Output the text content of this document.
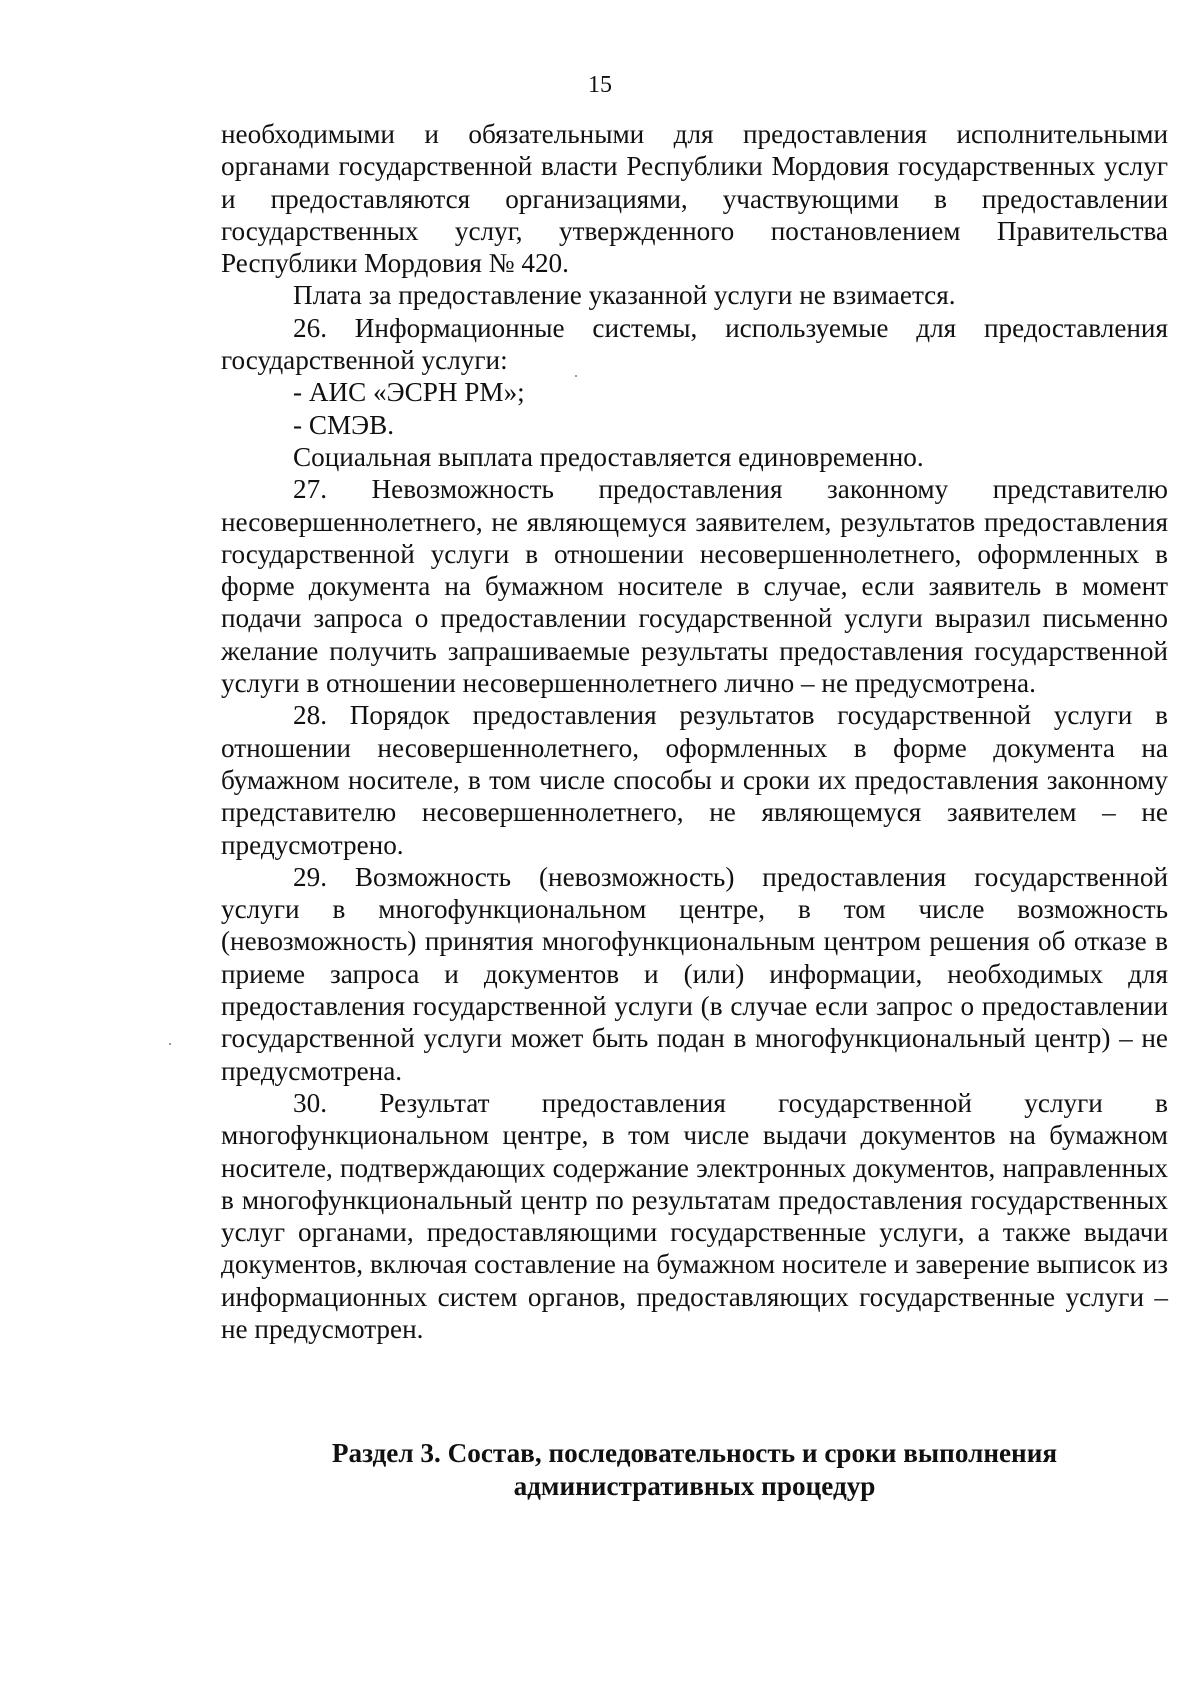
15

необходимыми и обязательными для предоставления исполнительными органами государственной власти Республики Мордовия государственных услуг и предоставляются организациями, участвующими в предоставлении государственных услуг, утвержденного постановлением Правительства Республики Мордовия № 420.

Плата за предоставление указанной услуги не взимается.

26. Информационные системы, используемые для предоставления государственной услуги:

- АИС «ЭСРН РМ»;

- СМЭВ.

Социальная выплата предоставляется единовременно.

27. Невозможность предоставления законному представителю несовершеннолетнего, не являющемуся заявителем, результатов предоставления государственной услуги в отношении несовершеннолетнего, оформленных в форме документа на бумажном носителе в случае, если заявитель в момент подачи запроса о предоставлении государственной услуги выразил письменно желание получить запрашиваемые результаты предоставления государственной услуги в отношении несовершеннолетнего лично – не предусмотрена.

28. Порядок предоставления результатов государственной услуги в отношении несовершеннолетнего, оформленных в форме документа на бумажном носителе, в том числе способы и сроки их предоставления законному представителю несовершеннолетнего, не являющемуся заявителем – не предусмотрено.

29. Возможность (невозможность) предоставления государственной услуги в многофункциональном центре, в том числе возможность (невозможность) принятия многофункциональным центром решения об отказе в приеме запроса и документов и (или) информации, необходимых для предоставления государственной услуги (в случае если запрос о предоставлении государственной услуги может быть подан в многофункциональный центр) – не предусмотрена.

30. Результат предоставления государственной услуги в многофункциональном центре, в том числе выдачи документов на бумажном носителе, подтверждающих содержание электронных документов, направленных в многофункциональный центр по результатам предоставления государственных услуг органами, предоставляющими государственные услуги, а также выдачи документов, включая составление на бумажном носителе и заверение выписок из информационных систем органов, предоставляющих государственные услуги – не предусмотрен.

Раздел 3. Состав, последовательность и сроки выполнения
административных процедур
